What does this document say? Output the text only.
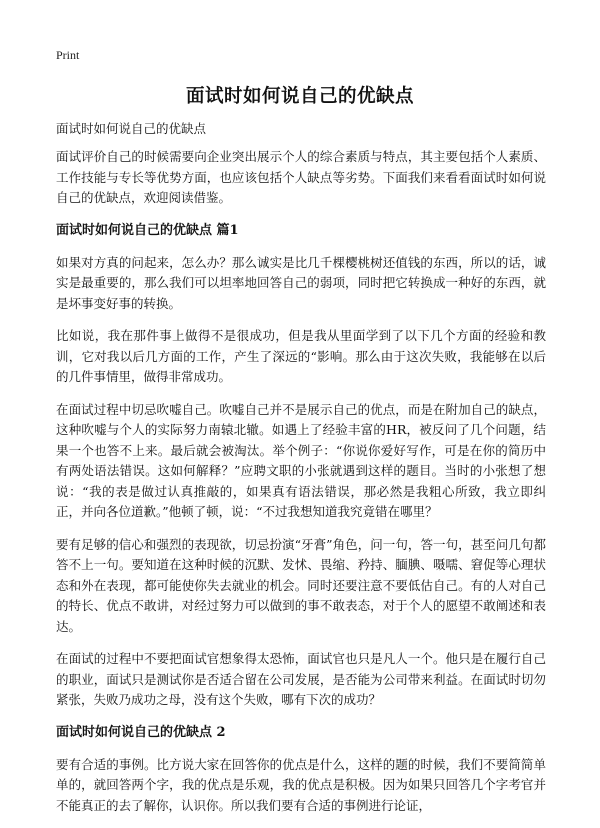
Print
面试时如何说自己的优缺点
面试时如何说自己的优缺点

面试评价自己的时候需要向企业突出展示个人的综合素质与特点，其主要包括个人素质、工作技能与专长等优势方面，也应该包括个人缺点等劣势。下面我们来看看面试时如何说自己的优缺点，欢迎阅读借鉴。

面试时如何说自己的优缺点 篇1

如果对方真的问起来，怎么办？那么诚实是比几千棵樱桃树还值钱的东西，所以的话，诚实是最重要的，那么我们可以坦率地回答自己的弱项，同时把它转换成一种好的东西，就是坏事变好事的转换。

比如说，我在那件事上做得不是很成功，但是我从里面学到了以下几个方面的经验和教训，它对我以后几方面的工作，产生了深远的“影响。那么由于这次失败，我能够在以后的几件事情里，做得非常成功。

在面试过程中切忌吹嘘自己。吹嘘自己并不是展示自己的优点，而是在附加自己的缺点，这种吹嘘与个人的实际努力南辕北辙。如遇上了经验丰富的HR，被反问了几个问题，结果一个也答不上来。最后就会被淘汰。举个例子：“你说你爱好写作，可是在你的简历中有两处语法错误。这如何解释？”应聘文职的小张就遇到这样的题目。当时的小张想了想说：“我的表是做过认真推敲的，如果真有语法错误，那必然是我粗心所致，我立即纠正，并向各位道歉。”他顿了顿，说：“不过我想知道我究竟错在哪里？

要有足够的信心和强烈的表现欲，切忌扮演“牙膏”角色，问一句，答一句，甚至问几句都答不上一句。要知道在这种时候的沉默、发怵、畏缩、矜持、腼腆、嗫嚅、窘促等心理状态和外在表现，都可能使你失去就业的机会。同时还要注意不要低估自己。有的人对自己的特长、优点不敢讲，对经过努力可以做到的事不敢表态，对于个人的愿望不敢阐述和表达。

在面试的过程中不要把面试官想象得太恐怖，面试官也只是凡人一个。他只是在履行自己的职业，面试只是测试你是否适合留在公司发展，是否能为公司带来利益。在面试时切勿紧张，失败乃成功之母，没有这个失败，哪有下次的成功？

面试时如何说自己的优缺点 2

要有合适的事例。比方说大家在回答你的优点是什么，这样的题的时候，我们不要简简单单的，就回答两个字，我的优点是乐观，我的优点是积极。因为如果只回答几个字考官并不能真正的去了解你，认识你。所以我们要有合适的事例进行论证，
